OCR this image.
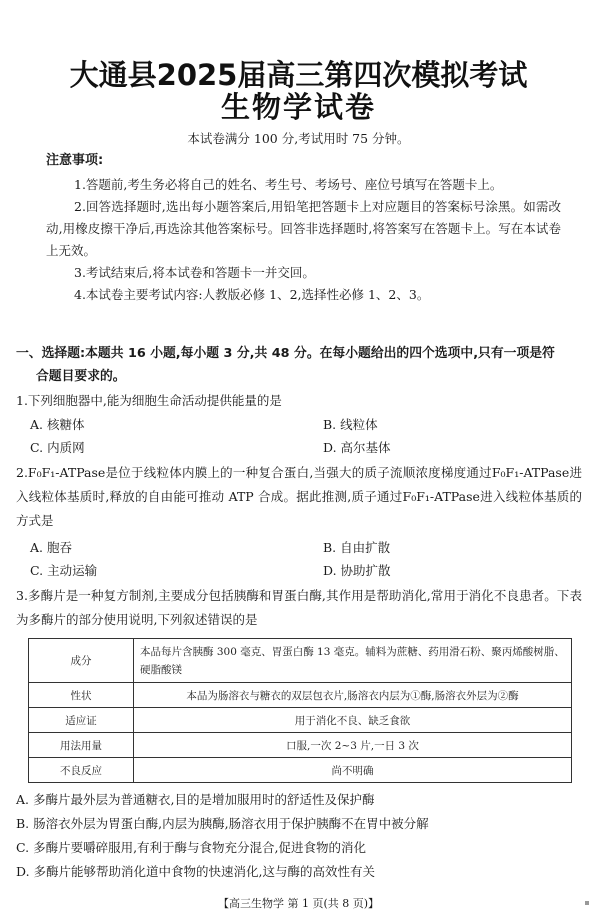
大通县2025届高三第四次模拟考试
生物学试卷
本试卷满分 100 分,考试用时 75 分钟。
注意事项:
1.答题前,考生务必将自己的姓名、考生号、考场号、座位号填写在答题卡上。
2.回答选择题时,选出每小题答案后,用铅笔把答题卡上对应题目的答案标号涂黑。如需改动,用橡皮擦干净后,再选涂其他答案标号。回答非选择题时,将答案写在答题卡上。写在本试卷上无效。
3.考试结束后,将本试卷和答题卡一并交回。
4.本试卷主要考试内容:人教版必修 1、2,选择性必修 1、2、3。
一、选择题:本题共 16 小题,每小题 3 分,共 48 分。在每小题给出的四个选项中,只有一项是符
合题目要求的。
1.下列细胞器中,能为细胞生命活动提供能量的是
A. 核糖体	B. 线粒体
C. 内质网	D. 高尔基体
2.F₀F₁-ATPase是位于线粒体内膜上的一种复合蛋白,当强大的质子流顺浓度梯度通过F₀F₁-ATPase进入线粒体基质时,释放的自由能可推动 ATP 合成。据此推测,质子通过F₀F₁-ATPase进入线粒体基质的方式是
A. 胞吞	B. 自由扩散
C. 主动运输	D. 协助扩散
3.多酶片是一种复方制剂,主要成分包括胰酶和胃蛋白酶,其作用是帮助消化,常用于消化不良患者。下表为多酶片的部分使用说明,下列叙述错误的是
成分	本品每片含胰酶 300 毫克、胃蛋白酶 13 毫克。辅料为蔗糖、药用滑石粉、聚丙烯酸树脂、硬脂酸镁
性状	本品为肠溶衣与糖衣的双层包衣片,肠溶衣内层为①酶,肠溶衣外层为②酶
适应证	用于消化不良、缺乏食欲
用法用量	口服,一次 2~3 片,一日 3 次
不良反应	尚不明确
A. 多酶片最外层为普通糖衣,目的是增加服用时的舒适性及保护酶
B. 肠溶衣外层为胃蛋白酶,内层为胰酶,肠溶衣用于保护胰酶不在胃中被分解
C. 多酶片要嚼碎服用,有利于酶与食物充分混合,促进食物的消化
D. 多酶片能够帮助消化道中食物的快速消化,这与酶的高效性有关
【高三生物学 第 1 页(共 8 页)】
